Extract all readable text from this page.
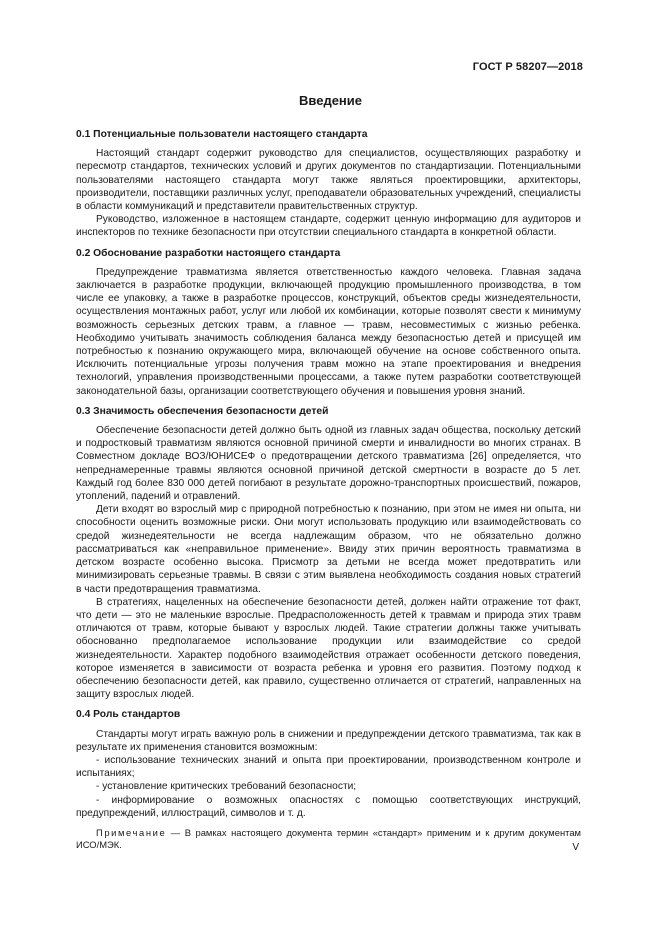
ГОСТ Р 58207—2018
Введение
0.1 Потенциальные пользователи настоящего стандарта

Настоящий стандарт содержит руководство для специалистов, осуществляющих разработку и пересмотр стандартов, технических условий и других документов по стандартизации. Потенциальными пользователями настоящего стандарта могут также являться проектировщики, архитекторы, производители, поставщики различных услуг, преподаватели образовательных учреждений, специалисты в области коммуникаций и представители правительственных структур.

Руководство, изложенное в настоящем стандарте, содержит ценную информацию для аудиторов и инспекторов по технике безопасности при отсутствии специального стандарта в конкретной области.

0.2 Обоснование разработки настоящего стандарта

Предупреждение травматизма является ответственностью каждого человека. Главная задача заключается в разработке продукции, включающей продукцию промышленного производства, в том числе ее упаковку, а также в разработке процессов, конструкций, объектов среды жизнедеятельности, осуществления монтажных работ, услуг или любой их комбинации, которые позволят свести к минимуму возможность серьезных детских травм, а главное — травм, несовместимых с жизнью ребенка. Необходимо учитывать значимость соблюдения баланса между безопасностью детей и присущей им потребностью к познанию окружающего мира, включающей обучение на основе собственного опыта. Исключить потенциальные угрозы получения травм можно на этапе проектирования и внедрения технологий, управления производственными процессами, а также путем разработки соответствующей законодательной базы, организации соответствующего обучения и повышения уровня знаний.

0.3 Значимость обеспечения безопасности детей

Обеспечение безопасности детей должно быть одной из главных задач общества, поскольку детский и подростковый травматизм являются основной причиной смерти и инвалидности во многих странах. В Совместном докладе ВОЗ/ЮНИСЕФ о предотвращении детского травматизма [26] определяется, что непреднамеренные травмы являются основной причиной детской смертности в возрасте до 5 лет. Каждый год более 830 000 детей погибают в результате дорожно-транспортных происшествий, пожаров, утоплений, падений и отравлений.

Дети входят во взрослый мир с природной потребностью к познанию, при этом не имея ни опыта, ни способности оценить возможные риски. Они могут использовать продукцию или взаимодействовать со средой жизнедеятельности не всегда надлежащим образом, что не обязательно должно рассматриваться как «неправильное применение». Ввиду этих причин вероятность травматизма в детском возрасте особенно высока. Присмотр за детьми не всегда может предотвратить или минимизировать серьезные травмы. В связи с этим выявлена необходимость создания новых стратегий в части предотвращения травматизма.

В стратегиях, нацеленных на обеспечение безопасности детей, должен найти отражение тот факт, что дети — это не маленькие взрослые. Предрасположенность детей к травмам и природа этих травм отличаются от травм, которые бывают у взрослых людей. Такие стратегии должны также учитывать обоснованно предполагаемое использование продукции или взаимодействие со средой жизнедеятельности. Характер подобного взаимодействия отражает особенности детского поведения, которое изменяется в зависимости от возраста ребенка и уровня его развития. Поэтому подход к обеспечению безопасности детей, как правило, существенно отличается от стратегий, направленных на защиту взрослых людей.

0.4 Роль стандартов

Стандарты могут играть важную роль в снижении и предупреждении детского травматизма, так как в результате их применения становится возможным:

- использование технических знаний и опыта при проектировании, производственном контроле и испытаниях;

- установление критических требований безопасности;

- информирование о возможных опасностях с помощью соответствующих инструкций, предупреждений, иллюстраций, символов и т. д.

Примечание — В рамках настоящего документа термин «стандарт» применим и к другим документам ИСО/МЭК.	V
